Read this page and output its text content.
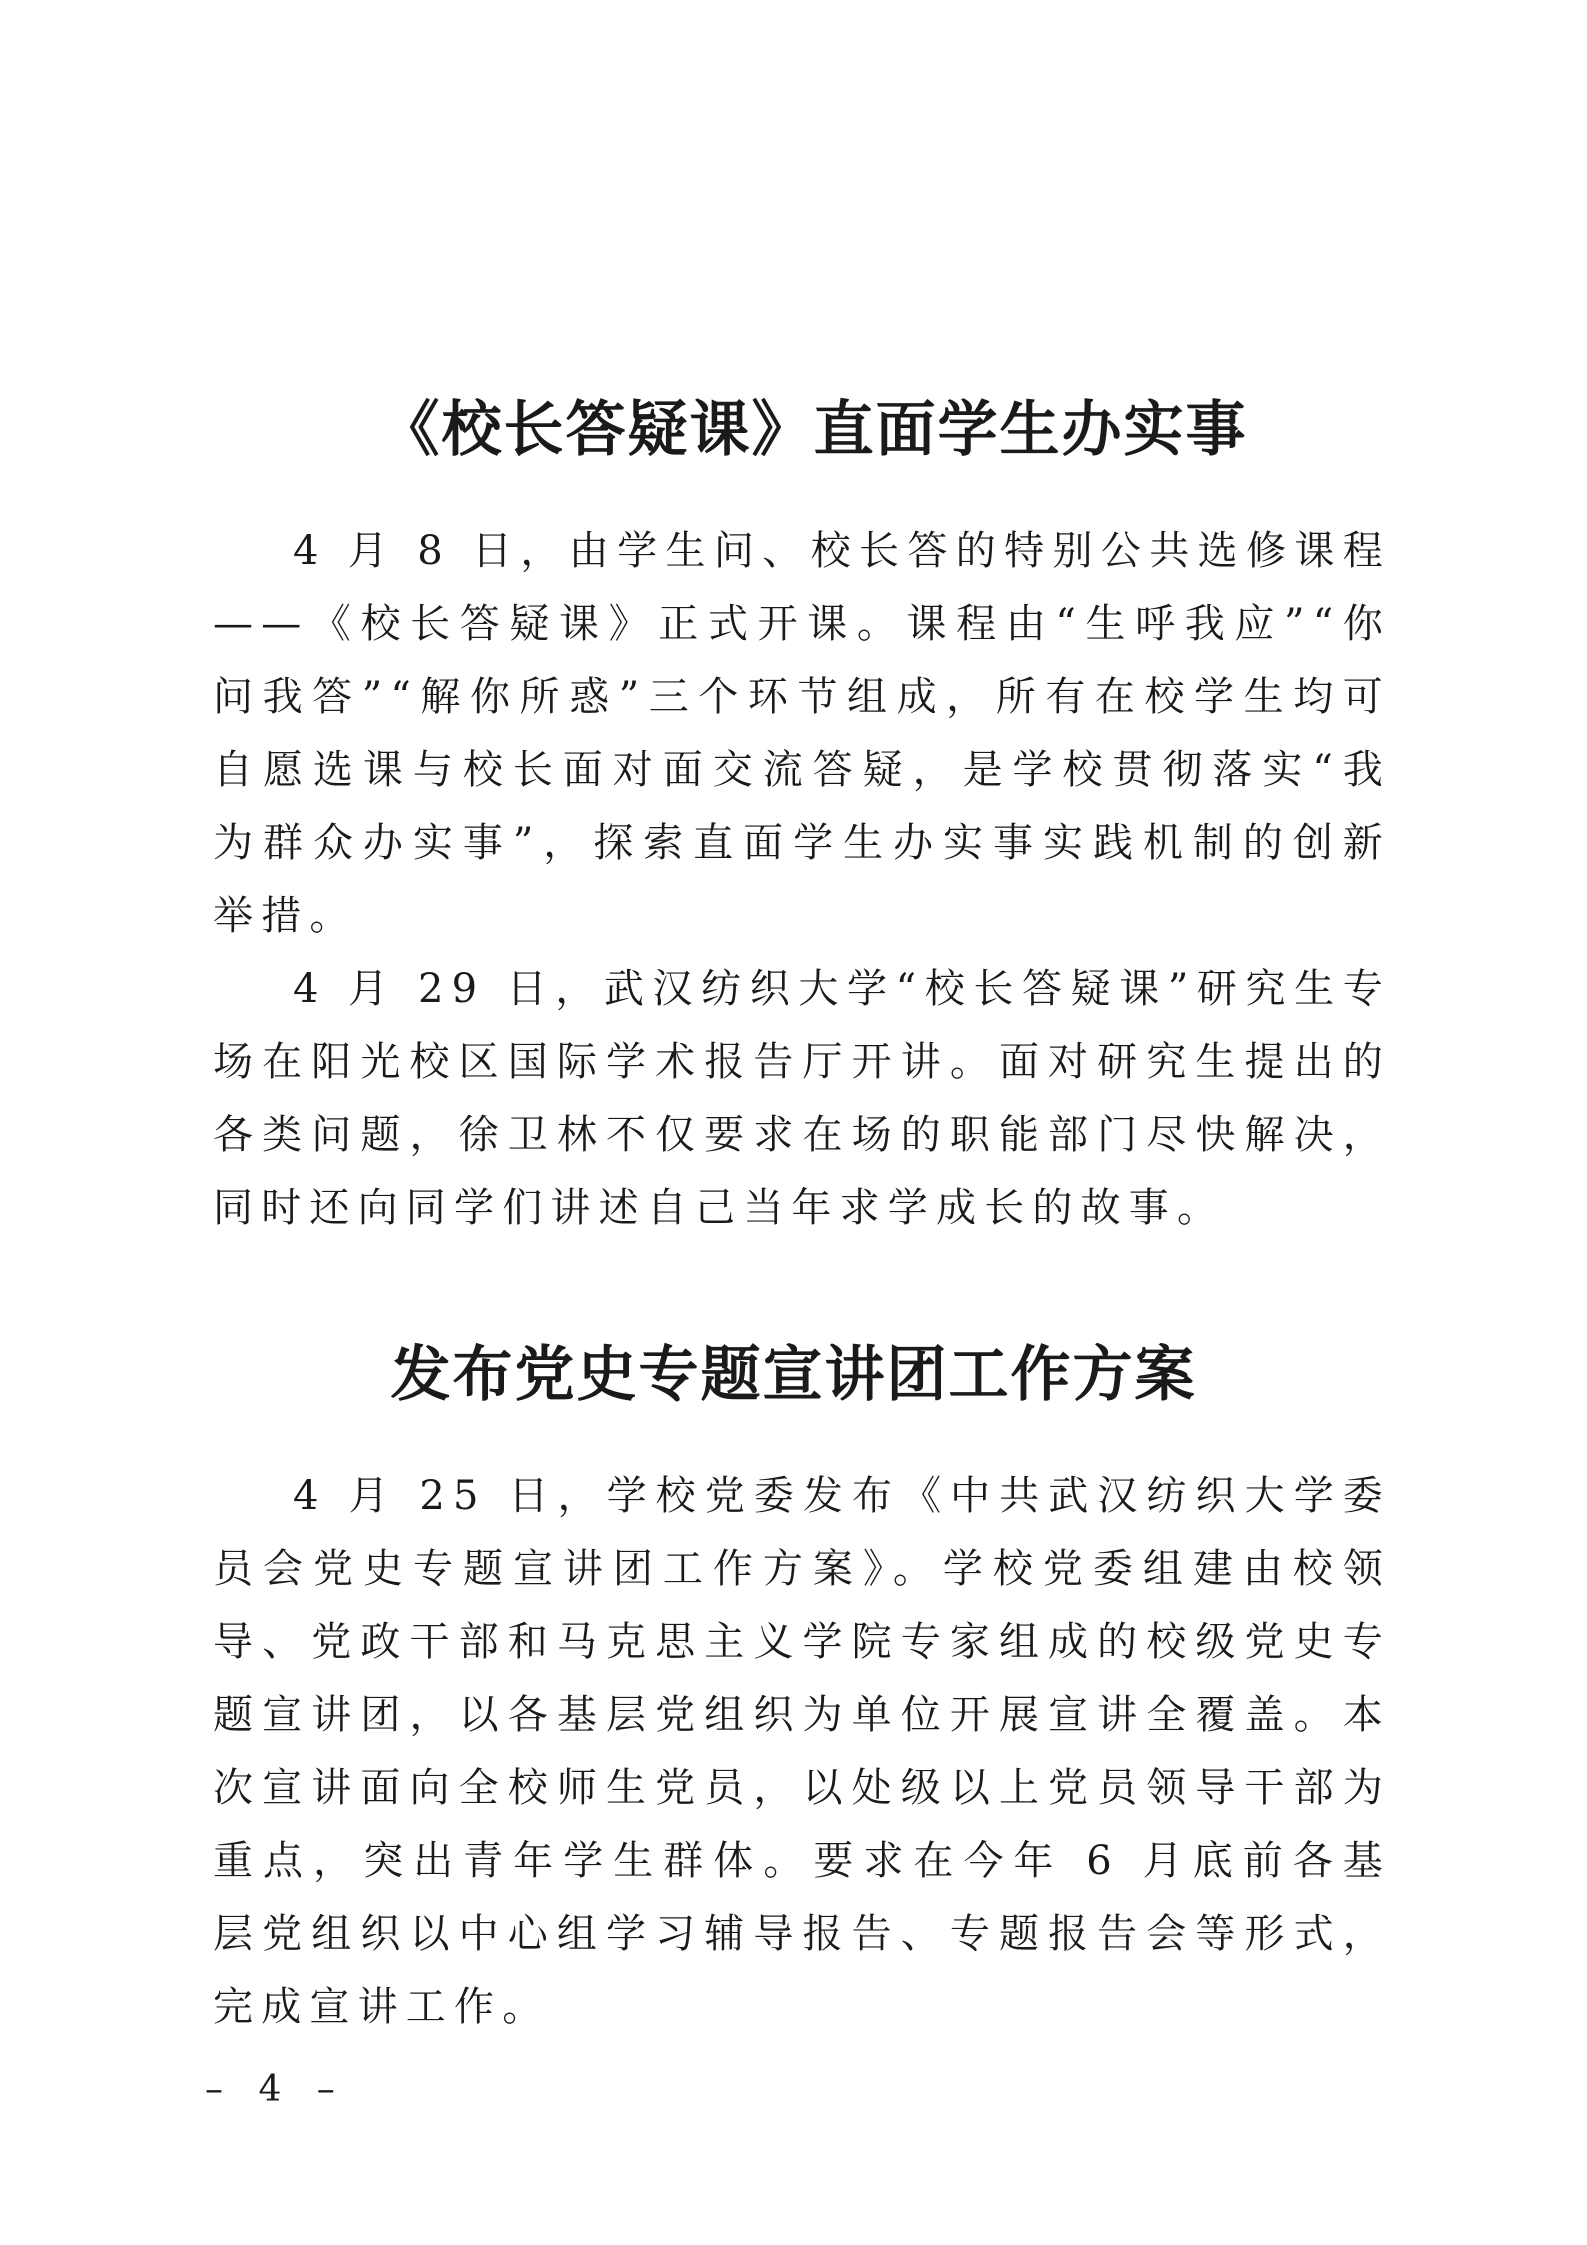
《校长答疑课》直面学生办实事

4 月 8 日，由学生问、校长答的特别公共选修课程——《校长答疑课》正式开课。课程由“生呼我应”“你问我答”“解你所惑”三个环节组成，所有在校学生均可自愿选课与校长面对面交流答疑，是学校贯彻落实“我为群众办实事”，探索直面学生办实事实践机制的创新举措。

4 月 29 日，武汉纺织大学“校长答疑课”研究生专场在阳光校区国际学术报告厅开讲。面对研究生提出的各类问题，徐卫林不仅要求在场的职能部门尽快解决，同时还向同学们讲述自己当年求学成长的故事。

发布党史专题宣讲团工作方案

4 月 25 日，学校党委发布《中共武汉纺织大学委员会党史专题宣讲团工作方案》。学校党委组建由校领导、党政干部和马克思主义学院专家组成的校级党史专题宣讲团，以各基层党组织为单位开展宣讲全覆盖。本次宣讲面向全校师生党员，以处级以上党员领导干部为重点，突出青年学生群体。要求在今年 6 月底前各基层党组织以中心组学习辅导报告、专题报告会等形式，完成宣讲工作。

– 4 –
